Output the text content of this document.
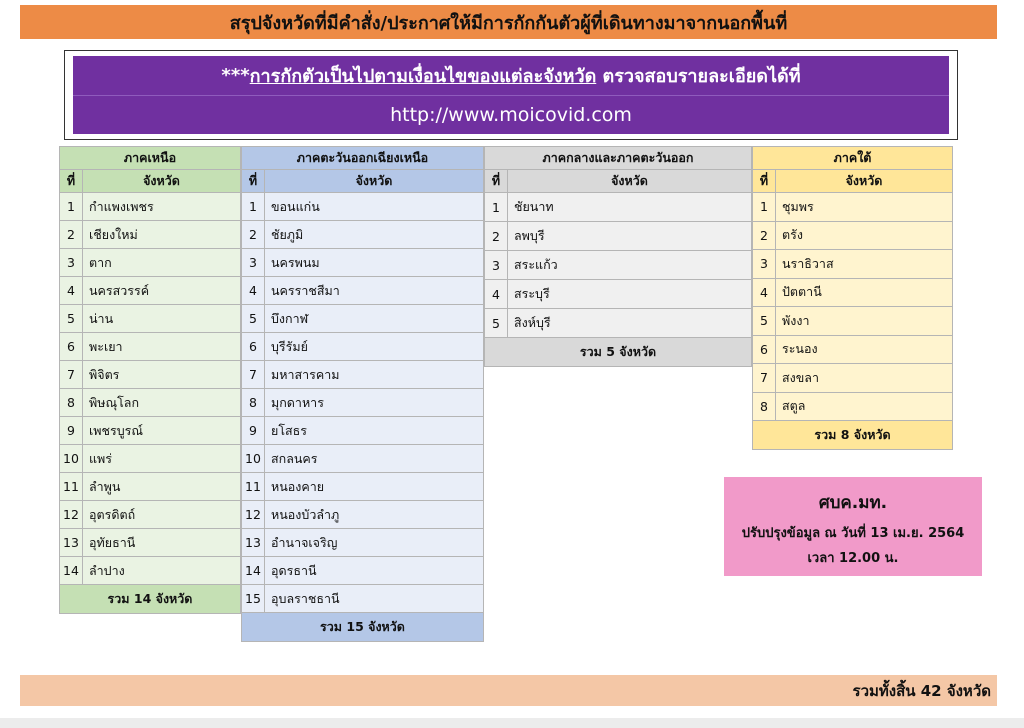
สรุปจังหวัดที่มีคำสั่ง/ประกาศให้มีการกักกันตัวผู้ที่เดินทางมาจากนอกพื้นที่
*** การกักตัวเป็นไปตามเงื่อนไขของแต่ละจังหวัด ตรวจสอบรายละเอียดได้ที่
http://www.moicovid.com
ภาคเหนือ	
ที่	จังหวัด
1	กำแพงเพชร
2	เชียงใหม่
3	ตาก
4	นครสวรรค์
5	น่าน
6	พะเยา
7	พิจิตร
8	พิษณุโลก
9	เพชรบูรณ์
10	แพร่
11	ลำพูน
12	อุตรดิตถ์
13	อุทัยธานี
14	ลำปาง
รวม 14 จังหวัด	
ภาคตะวันออกเฉียงเหนือ	
ที่	จังหวัด
1	ขอนแก่น
2	ชัยภูมิ
3	นครพนม
4	นครราชสีมา
5	บึงกาฬ
6	บุรีรัมย์
7	มหาสารคาม
8	มุกดาหาร
9	ยโสธร
10	สกลนคร
11	หนองคาย
12	หนองบัวลำภู
13	อำนาจเจริญ
14	อุดรธานี
15	อุบลราชธานี
รวม 15 จังหวัด	
ภาคกลางและภาคตะวันออก	
ที่	จังหวัด
1	ชัยนาท
2	ลพบุรี
3	สระแก้ว
4	สระบุรี
5	สิงห์บุรี
รวม 5 จังหวัด	
ภาคใต้	
ที่	จังหวัด
1	ชุมพร
2	ตรัง
3	นราธิวาส
4	ปัตตานี
5	พังงา
6	ระนอง
7	สงขลา
8	สตูล
รวม 8 จังหวัด	
ศบค.มท.
ปรับปรุงข้อมูล ณ วันที่ 13 เม.ย. 2564
เวลา 12.00 น.
รวมทั้งสิ้น 42 จังหวัด
